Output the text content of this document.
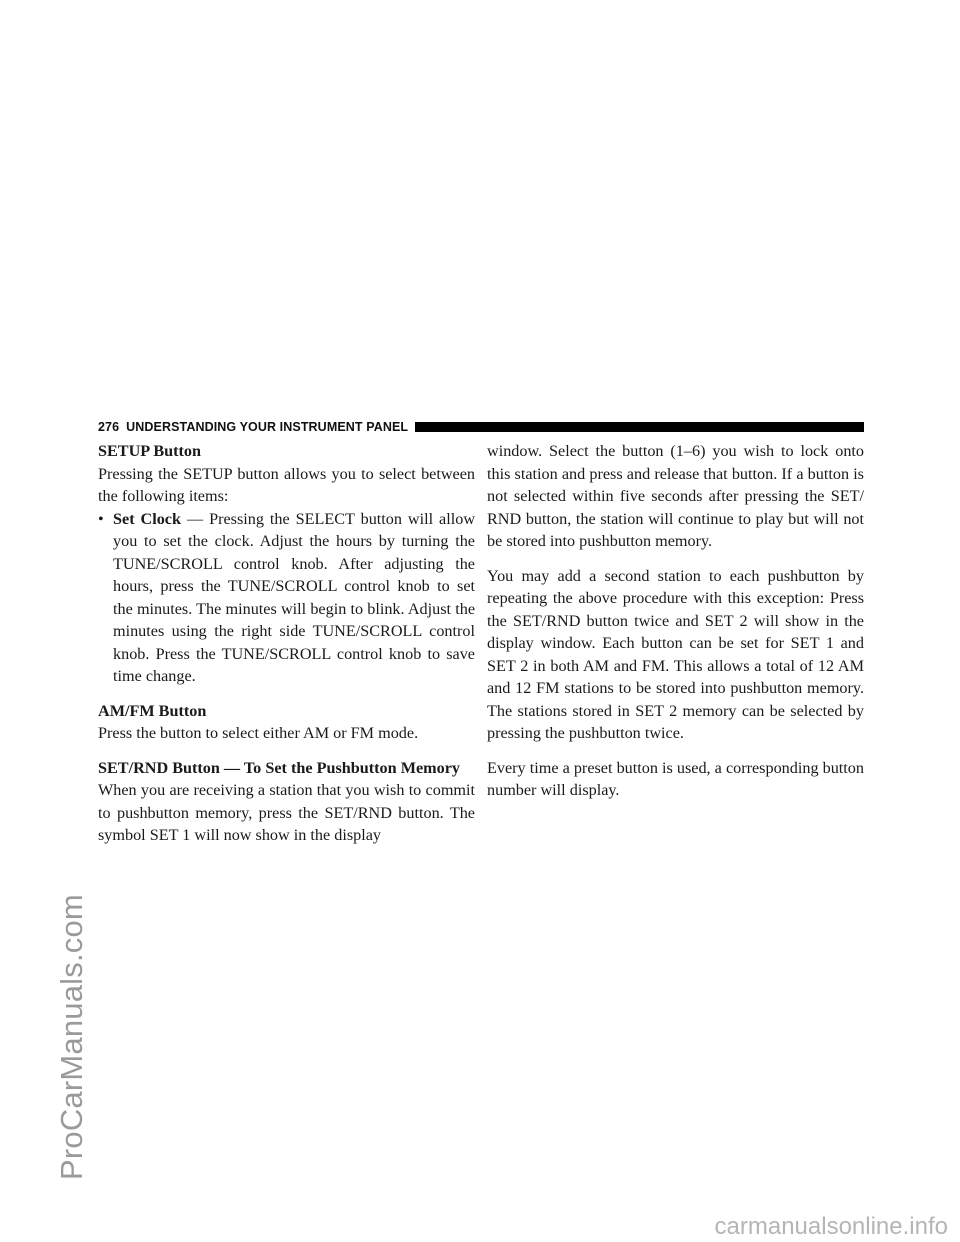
ProCarManuals.com
276 UNDERSTANDING YOUR INSTRUMENT PANEL

SETUP Button

Pressing the SETUP button allows you to select between the following items:

• Set Clock — Pressing the SELECT button will allow you to set the clock. Adjust the hours by turning the TUNE/SCROLL control knob. After adjusting the hours, press the TUNE/SCROLL control knob to set the minutes. The minutes will begin to blink. Adjust the minutes using the right side TUNE/SCROLL control knob. Press the TUNE/SCROLL control knob to save time change.

AM/FM Button

Press the button to select either AM or FM mode.

SET/RND Button — To Set the Pushbutton Memory

When you are receiving a station that you wish to commit to pushbutton memory, press the SET/RND button. The symbol SET 1 will now show in the display

window. Select the button (1–6) you wish to lock onto this station and press and release that button. If a button is not selected within five seconds after pressing the SET/ RND button, the station will continue to play but will not be stored into pushbutton memory.

You may add a second station to each pushbutton by repeating the above procedure with this exception: Press the SET/RND button twice and SET 2 will show in the display window. Each button can be set for SET 1 and SET 2 in both AM and FM. This allows a total of 12 AM and 12 FM stations to be stored into pushbutton memory. The stations stored in SET 2 memory can be selected by pressing the pushbutton twice.

Every time a preset button is used, a corresponding button number will display.

carmanualsonline.info
